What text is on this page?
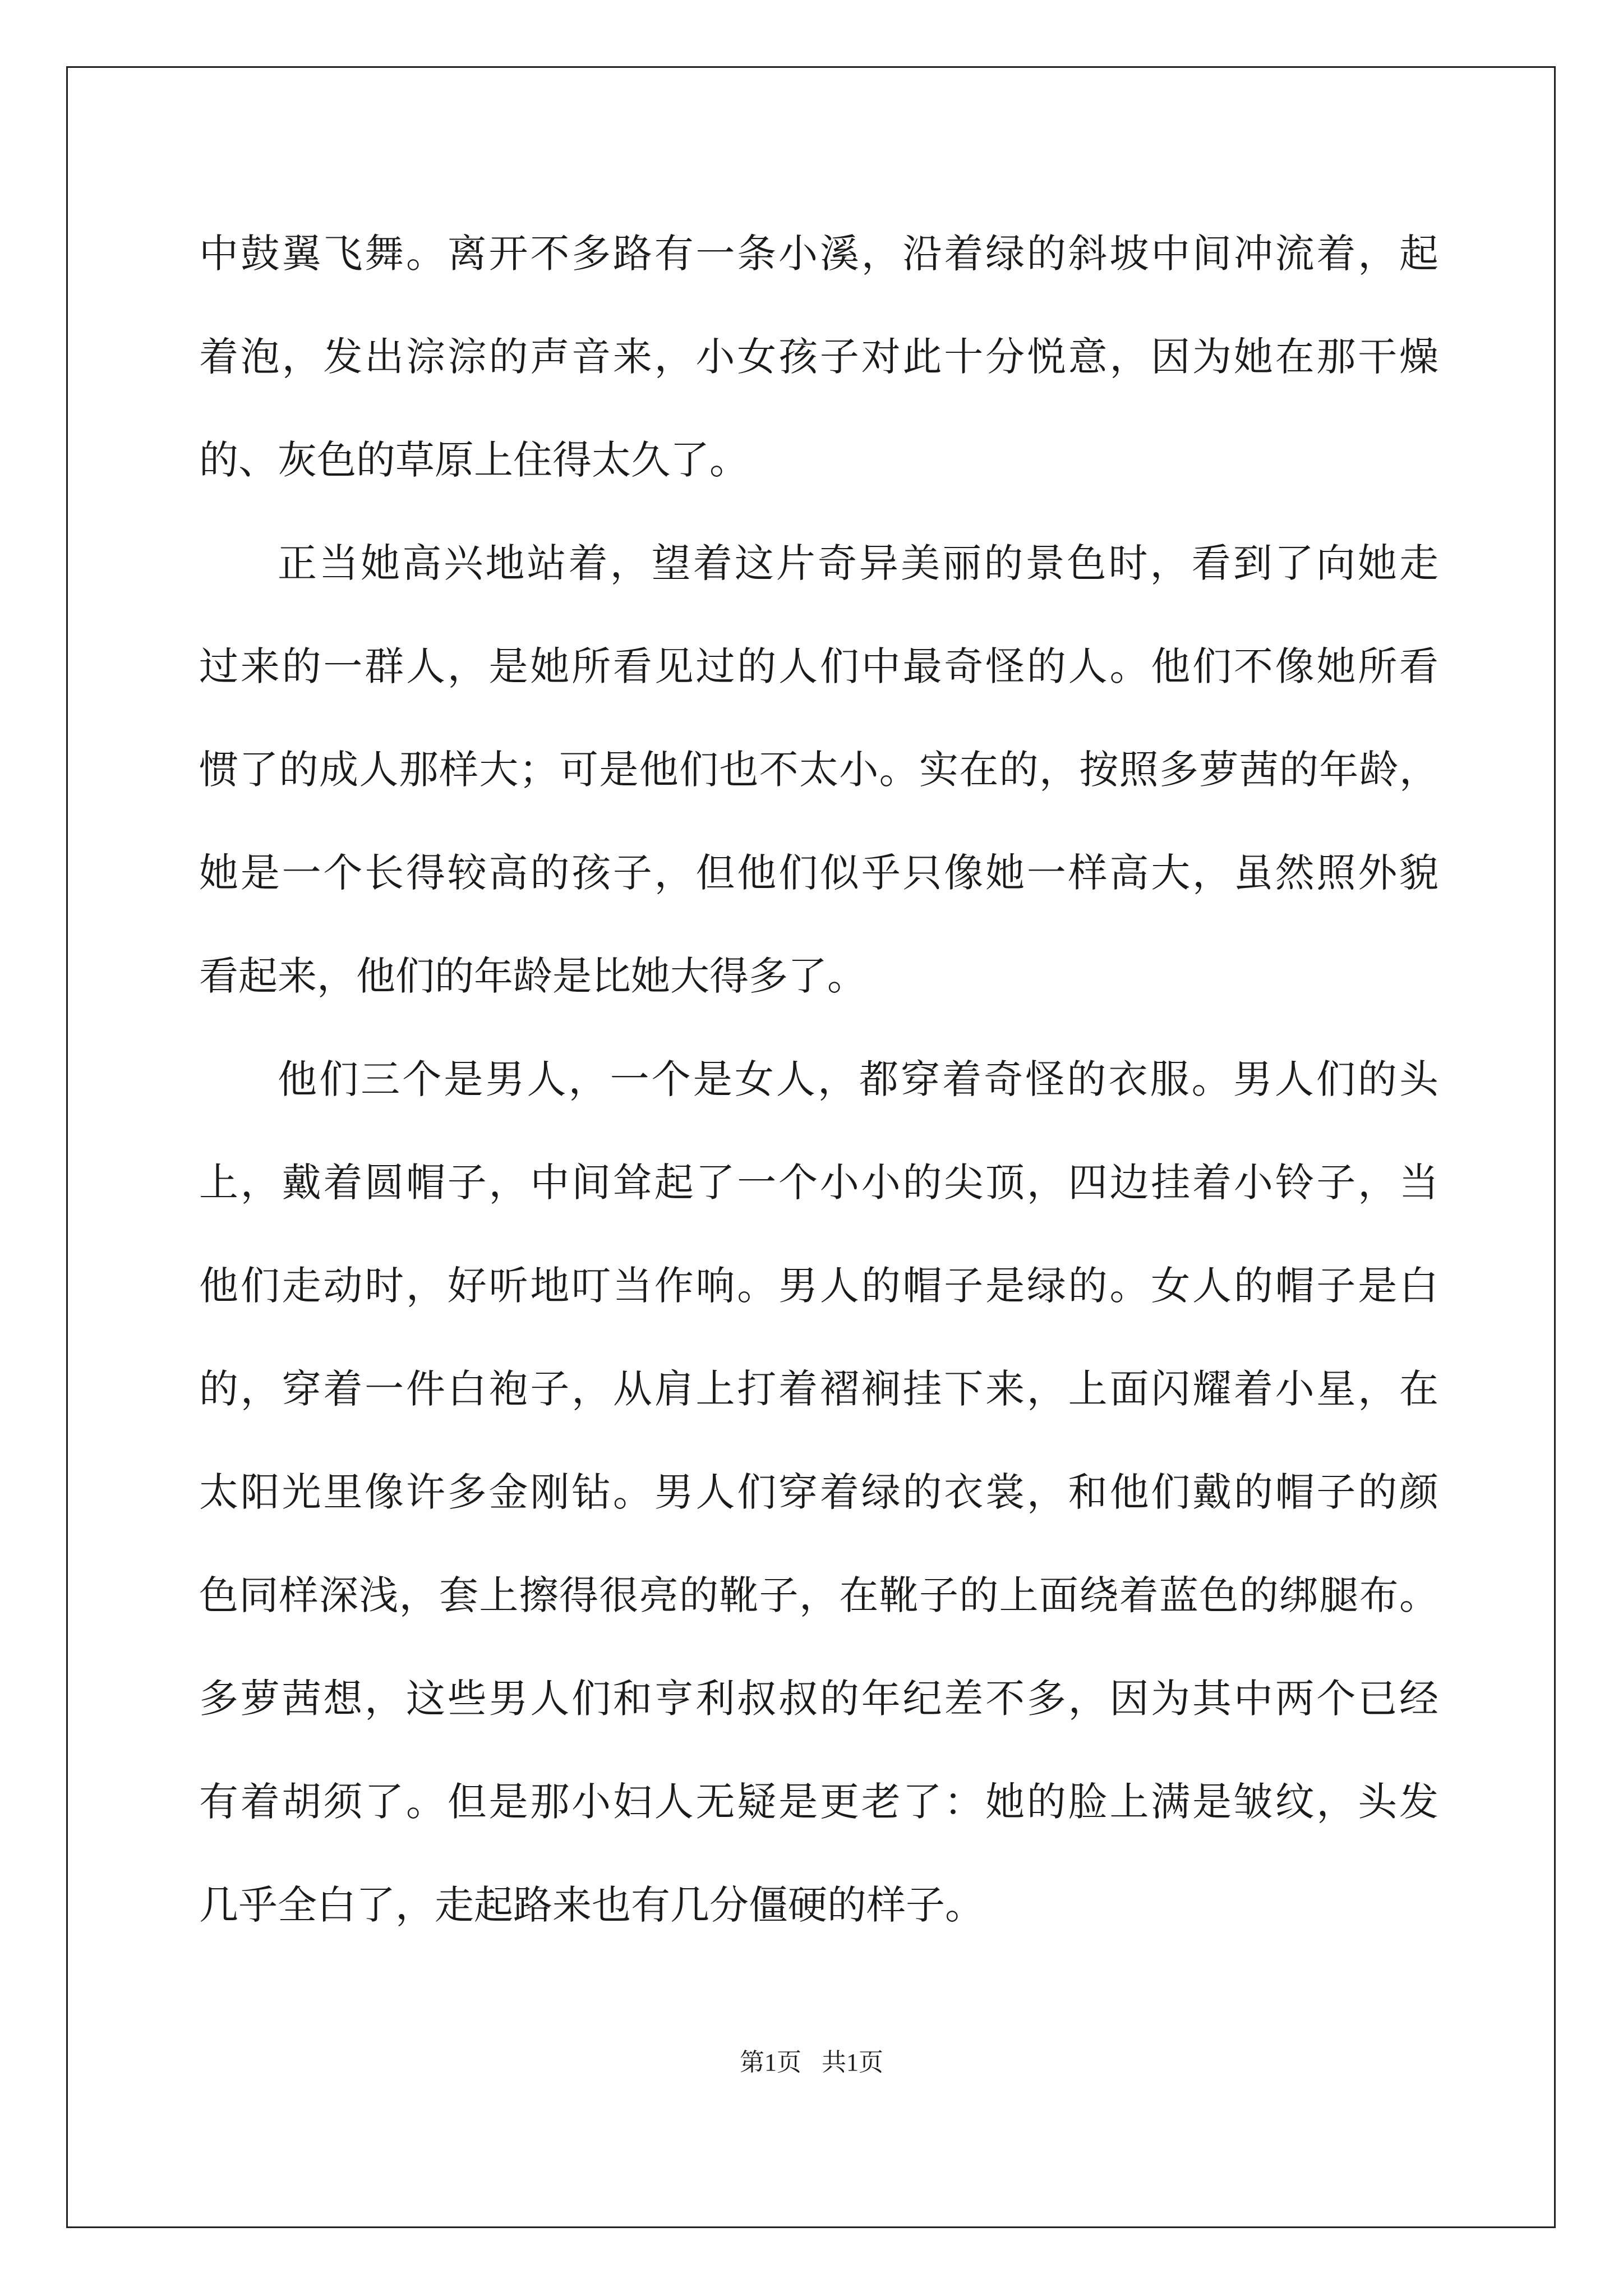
中鼓翼飞舞。离开不多路有一条小溪，沿着绿的斜坡中间冲流着，起
着泡，发出淙淙的声音来，小女孩子对此十分悦意，因为她在那干燥
的、灰色的草原上住得太久了。
正当她高兴地站着，望着这片奇异美丽的景色时，看到了向她走
过来的一群人，是她所看见过的人们中最奇怪的人。他们不像她所看
惯了的成人那样大；可是他们也不太小。实在的，按照多萝茜的年龄，
她是一个长得较高的孩子，但他们似乎只像她一样高大，虽然照外貌
看起来，他们的年龄是比她大得多了。
他们三个是男人，一个是女人，都穿着奇怪的衣服。男人们的头
上，戴着圆帽子，中间耸起了一个小小的尖顶，四边挂着小铃子，当
他们走动时，好听地叮当作响。男人的帽子是绿的。女人的帽子是白
的，穿着一件白袍子，从肩上打着褶裥挂下来，上面闪耀着小星，在
太阳光里像许多金刚钻。男人们穿着绿的衣裳，和他们戴的帽子的颜
色同样深浅，套上擦得很亮的靴子，在靴子的上面绕着蓝色的绑腿布。
多萝茜想，这些男人们和亨利叔叔的年纪差不多，因为其中两个已经
有着胡须了。但是那小妇人无疑是更老了：她的脸上满是皱纹，头发
几乎全白了，走起路来也有几分僵硬的样子。
第1页 共1页
